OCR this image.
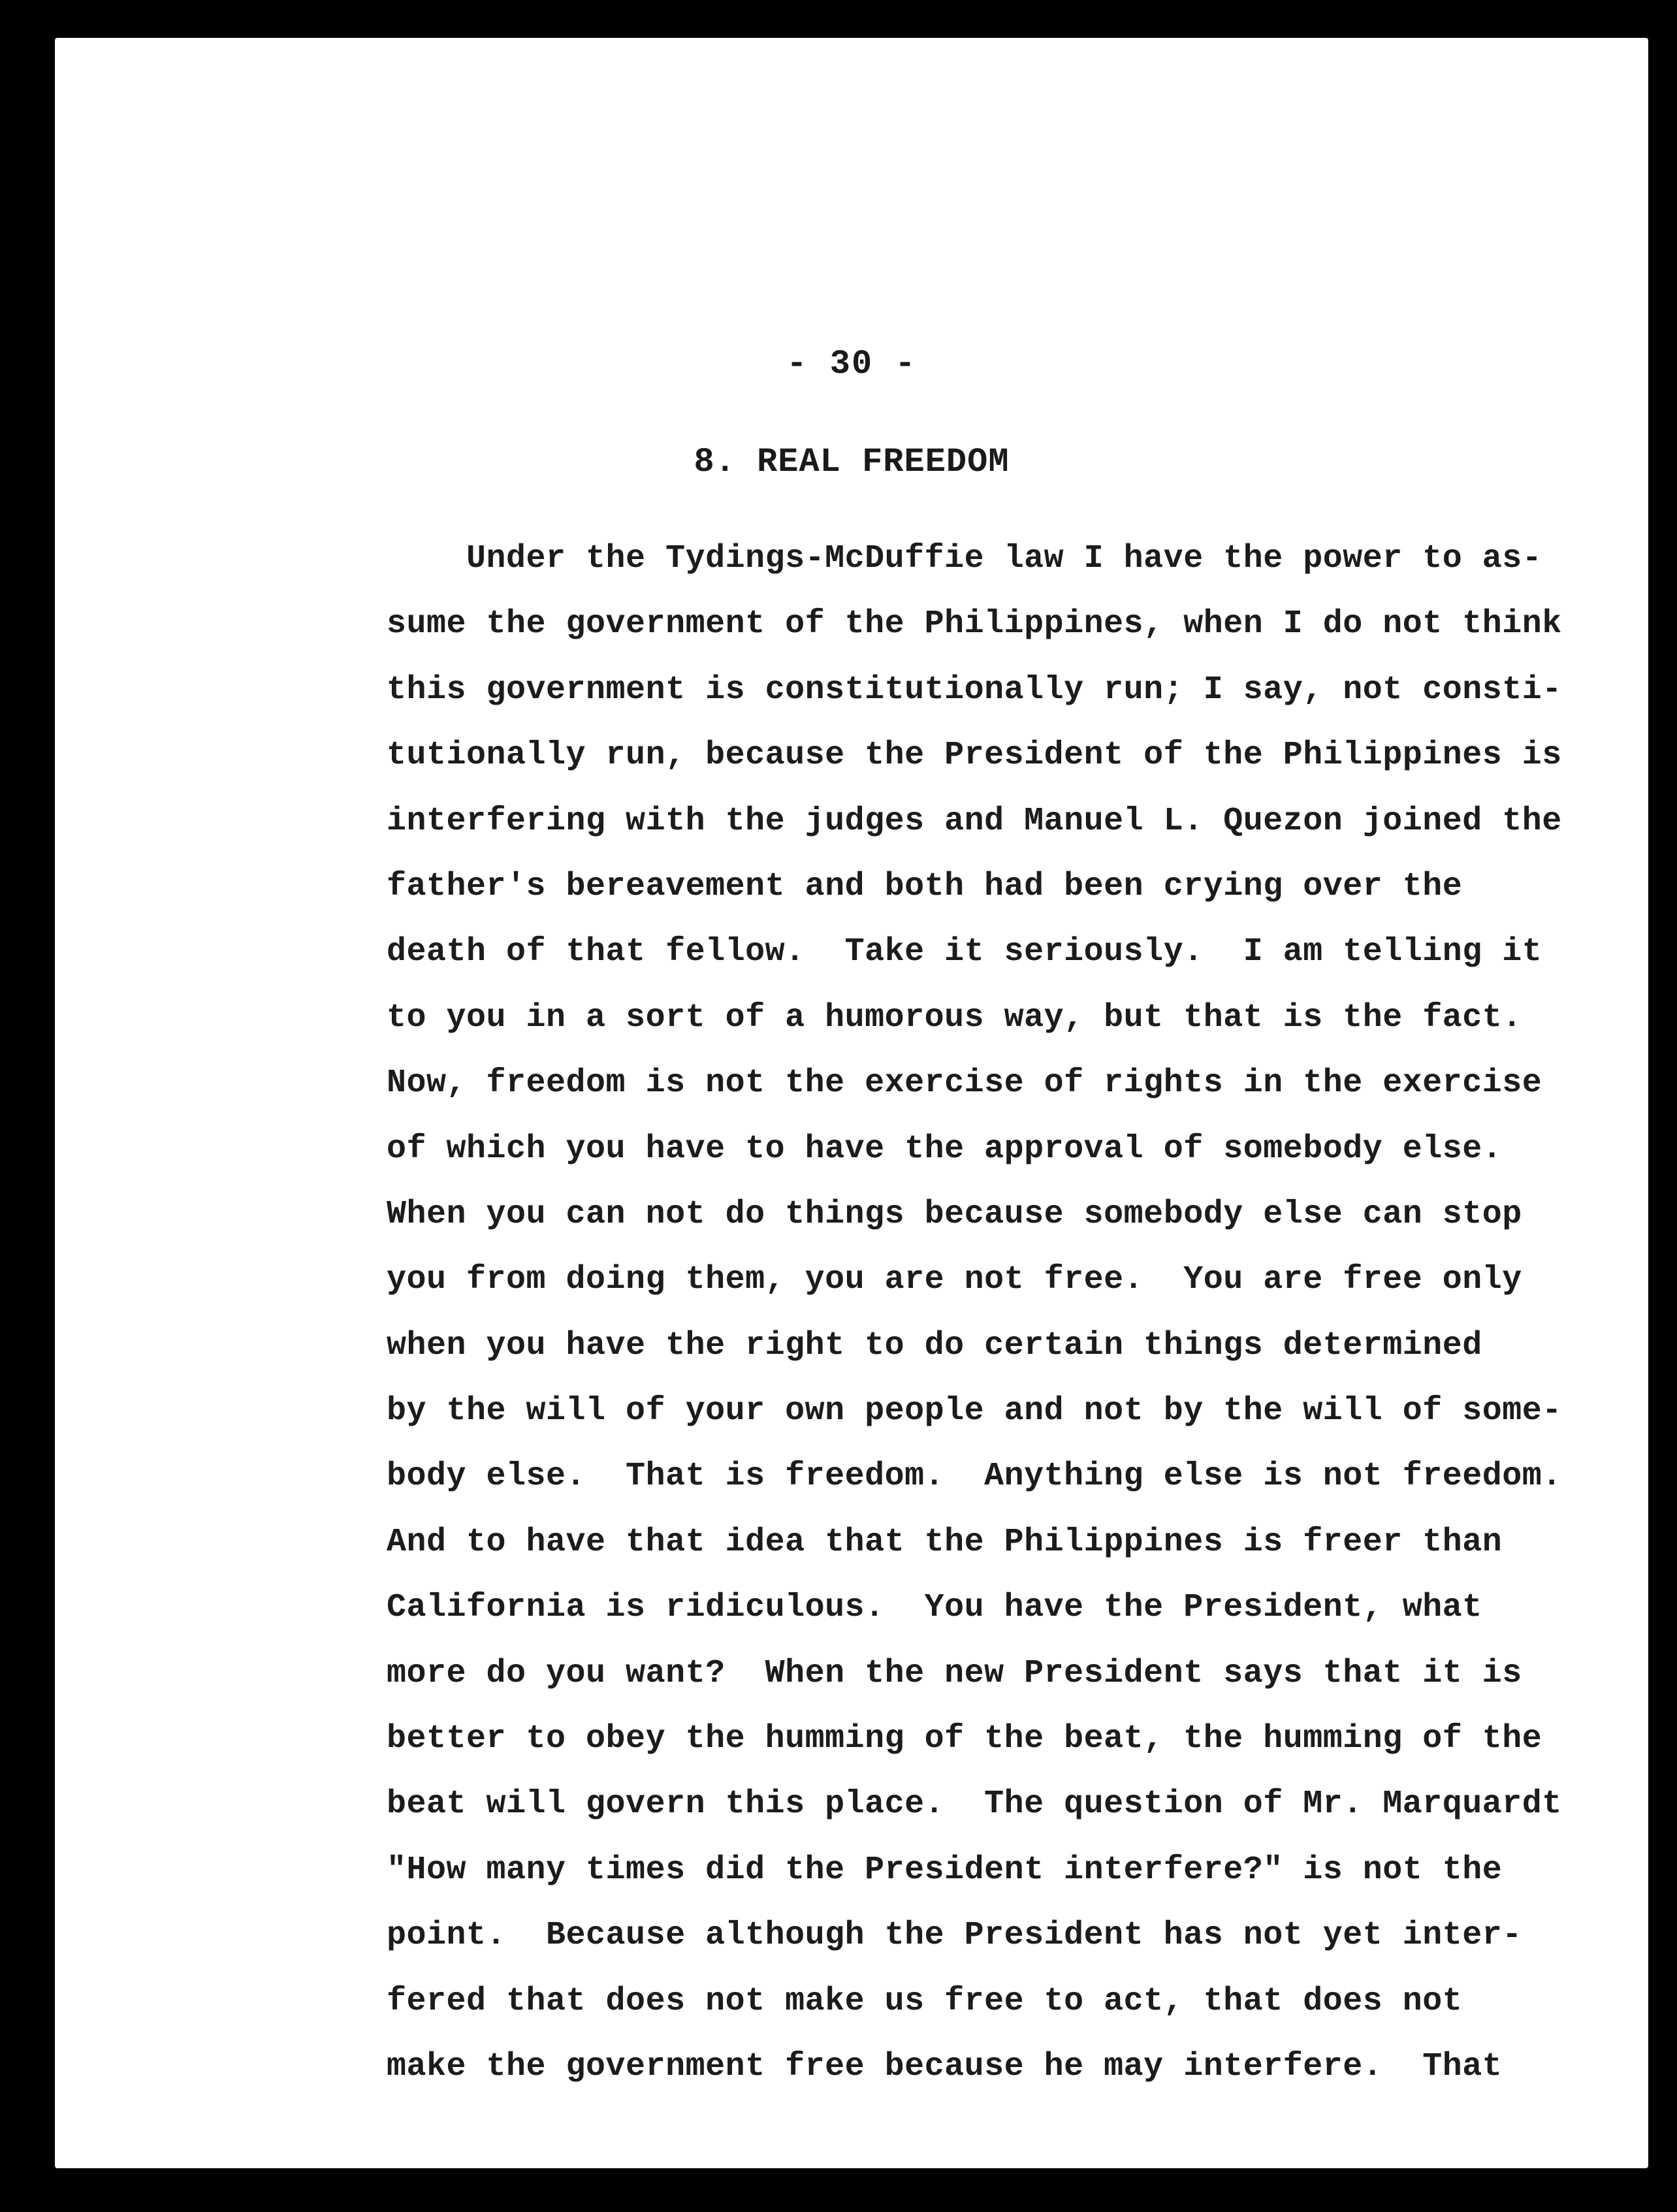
- 30 -
8. REAL FREEDOM
Under the Tydings-McDuffie law I have the power to as-
sume the government of the Philippines, when I do not think
this government is constitutionally run; I say, not consti-
tutionally run, because the President of the Philippines is
interfering with the judges and Manuel L. Quezon joined the
father's bereavement and both had been crying over the
death of that fellow.  Take it seriously.  I am telling it
to you in a sort of a humorous way, but that is the fact.
Now, freedom is not the exercise of rights in the exercise
of which you have to have the approval of somebody else.
When you can not do things because somebody else can stop
you from doing them, you are not free.  You are free only
when you have the right to do certain things determined
by the will of your own people and not by the will of some-
body else.  That is freedom.  Anything else is not freedom.
And to have that idea that the Philippines is freer than
California is ridiculous.  You have the President, what
more do you want?  When the new President says that it is
better to obey the humming of the beat, the humming of the
beat will govern this place.  The question of Mr. Marquardt
"How many times did the President interfere?" is not the
point.  Because although the President has not yet inter-
fered that does not make us free to act, that does not
make the government free because he may interfere.  That
